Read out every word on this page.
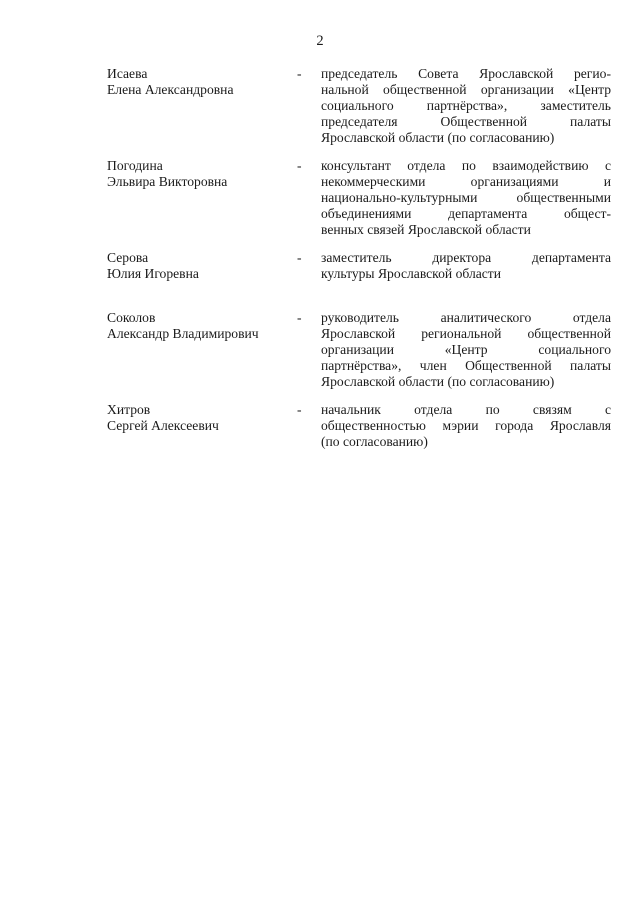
2
Исаева
Елена Александровна
- председатель Совета Ярославской регио-
нальной общественной организации «Центр
социального партнёрства», заместитель
председателя Общественной палаты
Ярославской области (по согласованию)
Погодина
Эльвира Викторовна
- консультант отдела по взаимодействию с
некоммерческими организациями и
национально-культурными общественными
объединениями департамента общест-
венных связей Ярославской области
Серова
Юлия Игоревна
- заместитель директора департамента
культуры Ярославской области
Соколов
Александр Владимирович
- руководитель аналитического отдела
Ярославской региональной общественной
организации «Центр социального
партнёрства», член Общественной палаты
Ярославской области (по согласованию)
Хитров
Сергей Алексеевич
- начальник отдела по связям с
общественностью мэрии города Ярославля
(по согласованию)
